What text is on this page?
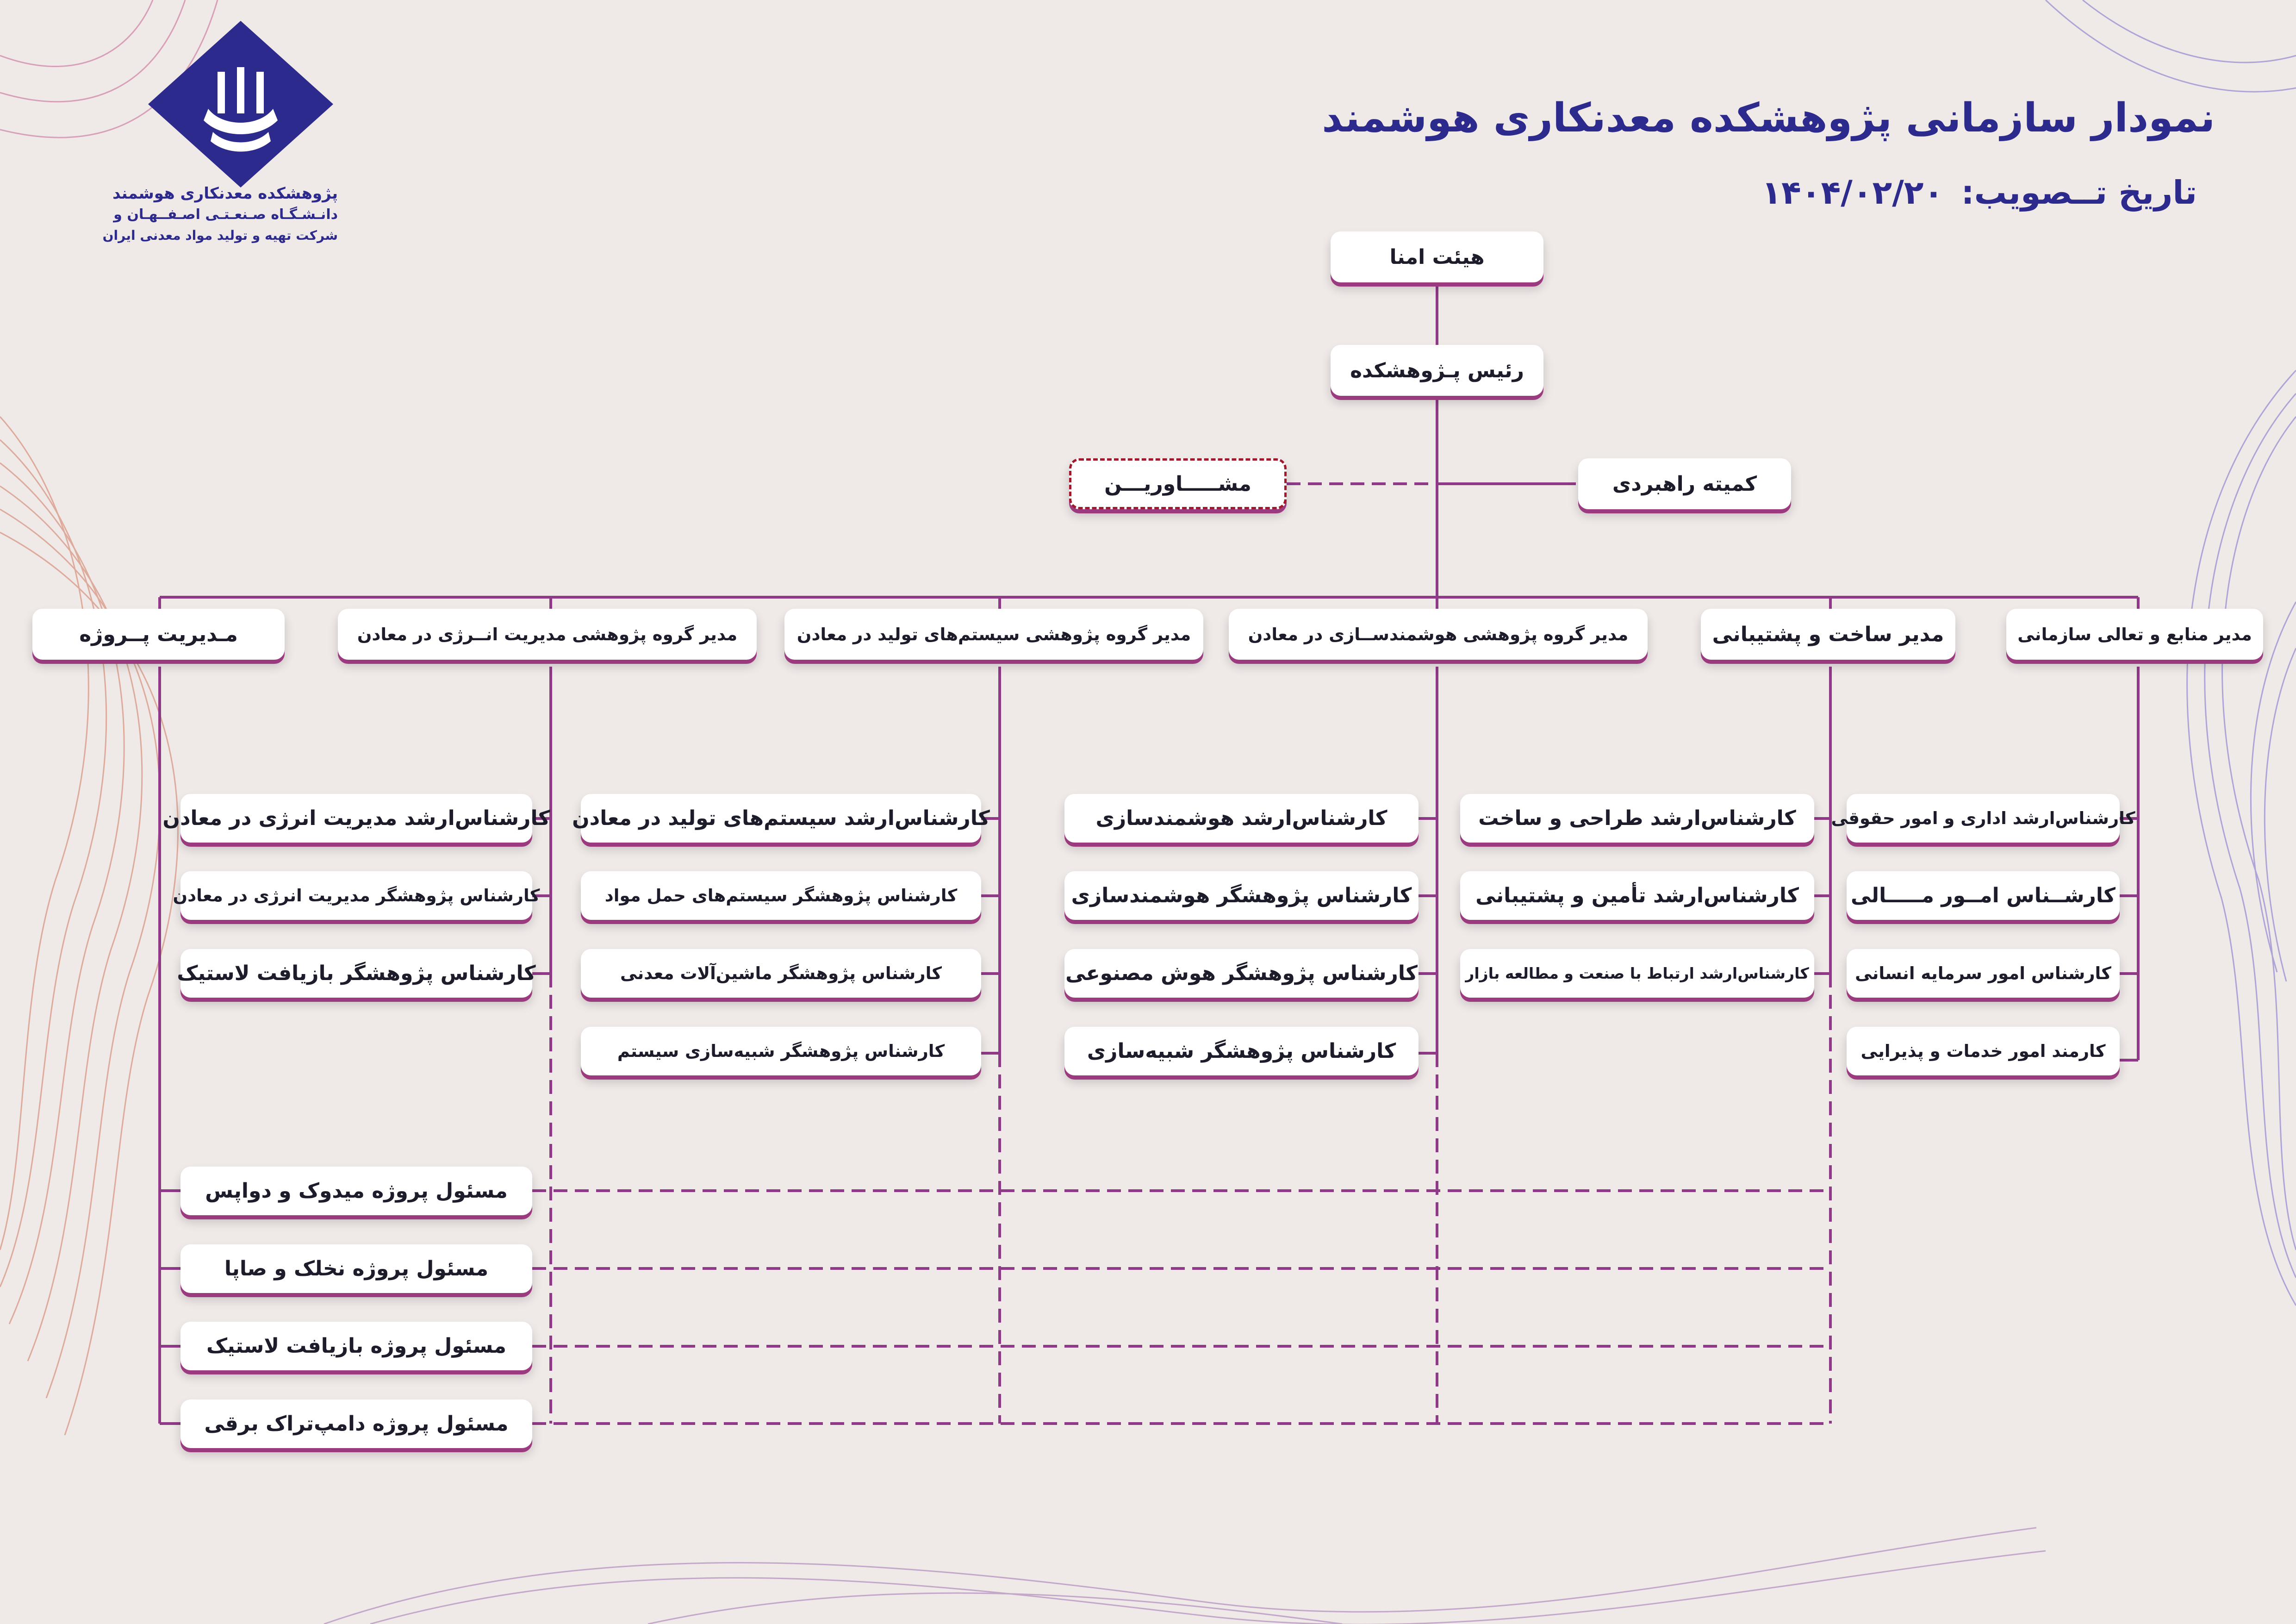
پژوهشکده معدنکاری هوشمند
دانـشـگـاه صـنعـتـی اصـفــهـان و
شرکت تهیه و تولید مواد معدنی ایران
نمودار سازمانی پژوهشکده معدنکاری هوشمند
تاریخ تــصویب: ۱۴۰۴/۰۲/۲۰
هیئت امنا
رئیس پـژوهشکده
کمیته راهبردی
مشـــــاوریـــن
مدیر منابع و تعالی سازمانی
مدیر ساخت و پشتیبانی
مدیر گروه پژوهشی هوشمندســازی در معادن
مدیر گروه پژوهشی سیستم‌های تولید در معادن
مدیر گروه پژوهشی مدیریت انــرژی در معادن
مـدیریت پــروژه
کارشناس‌ارشد اداری و امور حقوقی
کارشــناس امــور مـــــالی
کارشناس امور سرمایه انسانی
کارمند امور خدمات و پذیرایی
کارشناس‌ارشد طراحی و ساخت
کارشناس‌ارشد تأمین و پشتیبانی
کارشناس‌ارشد ارتباط با صنعت و مطالعه بازار
کارشناس‌ارشد هوشمندسازی
کارشناس پژوهشگر هوشمندسازی
کارشناس پژوهشگر هوش مصنوعی
کارشناس پژوهشگر شبیه‌سازی
کارشناس‌ارشد سیستم‌های تولید در معادن
کارشناس پژوهشگر سیستم‌های حمل مواد
کارشناس پژوهشگر ماشین‌آلات معدنی
کارشناس پژوهشگر شبیه‌سازی سیستم
کارشناس‌ارشد مدیریت انرژی در معادن
کارشناس پژوهشگر مدیریت انرژی در معادن
کارشناس پژوهشگر بازیافت لاستیک
مسئول پروژه میدوک و دواپس
مسئول پروژه نخلک و صاپا
مسئول پروژه بازیافت لاستیک
مسئول پروژه دامپ‌تراک برقی
